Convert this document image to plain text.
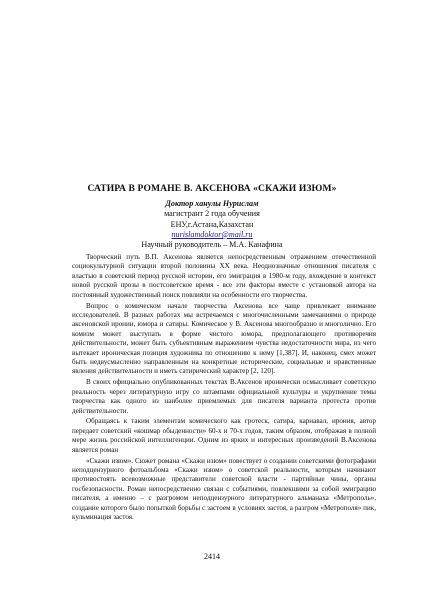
САТИРА В РОМАНЕ В. АКСЕНОВА «СКАЖИ ИЗЮМ»
Доктор ханулы Нурислам
магистрант 2 года обучения
ЕНУ,г.Астана,Казахстан
nurislamdoktor@mail.ru
Научный руководитель – М.А. Канафина

Творческий путь В.П. Аксенова является непосредственным отражением отечественной социокультурной ситуации второй половины XX века. Неоднозначные отношения писателя с властью в советский период русской истории, его эмиграция в 1980-м году, вхождение в контекст новой русской прозы в постсоветское время - все эти факторы вместе с установкой автора на постоянный художественный поиск повлияли на особенности его творчества.

Вопрос о комическом начале творчества Аксенова все чаще привлекает внимание исследователей. В разных работах мы встречаемся с многочисленными замечаниями о природе аксеновской иронии, юмора и сатиры. Комическое у В. Аксенова многообразно и многолично. Его комизм может выступать в форме чистого юмора, предполагающего противоречия действительности, может быть субъективным выражением чувства недостаточности мира, из чего вытекает ироническая позиция художника по отношению к нему [1,387]. И, наконец, смех может быть недвусмысленно направленным на конкретные исторические, социальные и нравственные явления действительности и иметь сатирический характер [2, 120].

В своих официально опубликованных текстах В.Аксенов иронически осмысливает советскую реальность через литературную игру со штампами официальной культуры и укрупнение темы творчества как одного из наиболее приемлемых для писателя варианта протеста против действительности.

Обращаясь к таким элементам комического как гротеск, сатира, карнавал, ирония, автор передает советский «кошмар обыденности» 60-х и 70-х годов, таким образом, отображая в полной мере жизнь российской интеллигенции. Одним из ярких и интересных произведений В.Аксенова является роман

«Скажи изюм». Сюжет романа «Скажи изюм» повествует о создании советскими фотографами неподцензурного фотоальбома «Скажи изюм» о советской реальности, которым начинают противостоять всевозможные представители советской власти - партийные чины, органы госбезопасности. Роман непосредственно связан с событиями, повлекшими за собой эмиграцию писателя, а именно – с разгромом неподцензурного литературного альманаха «Метрополь», создание которого было попыткой борьбы с застоем в условиях застоя, а разгром «Метрополя» пик, кульминация застоя.

2414
